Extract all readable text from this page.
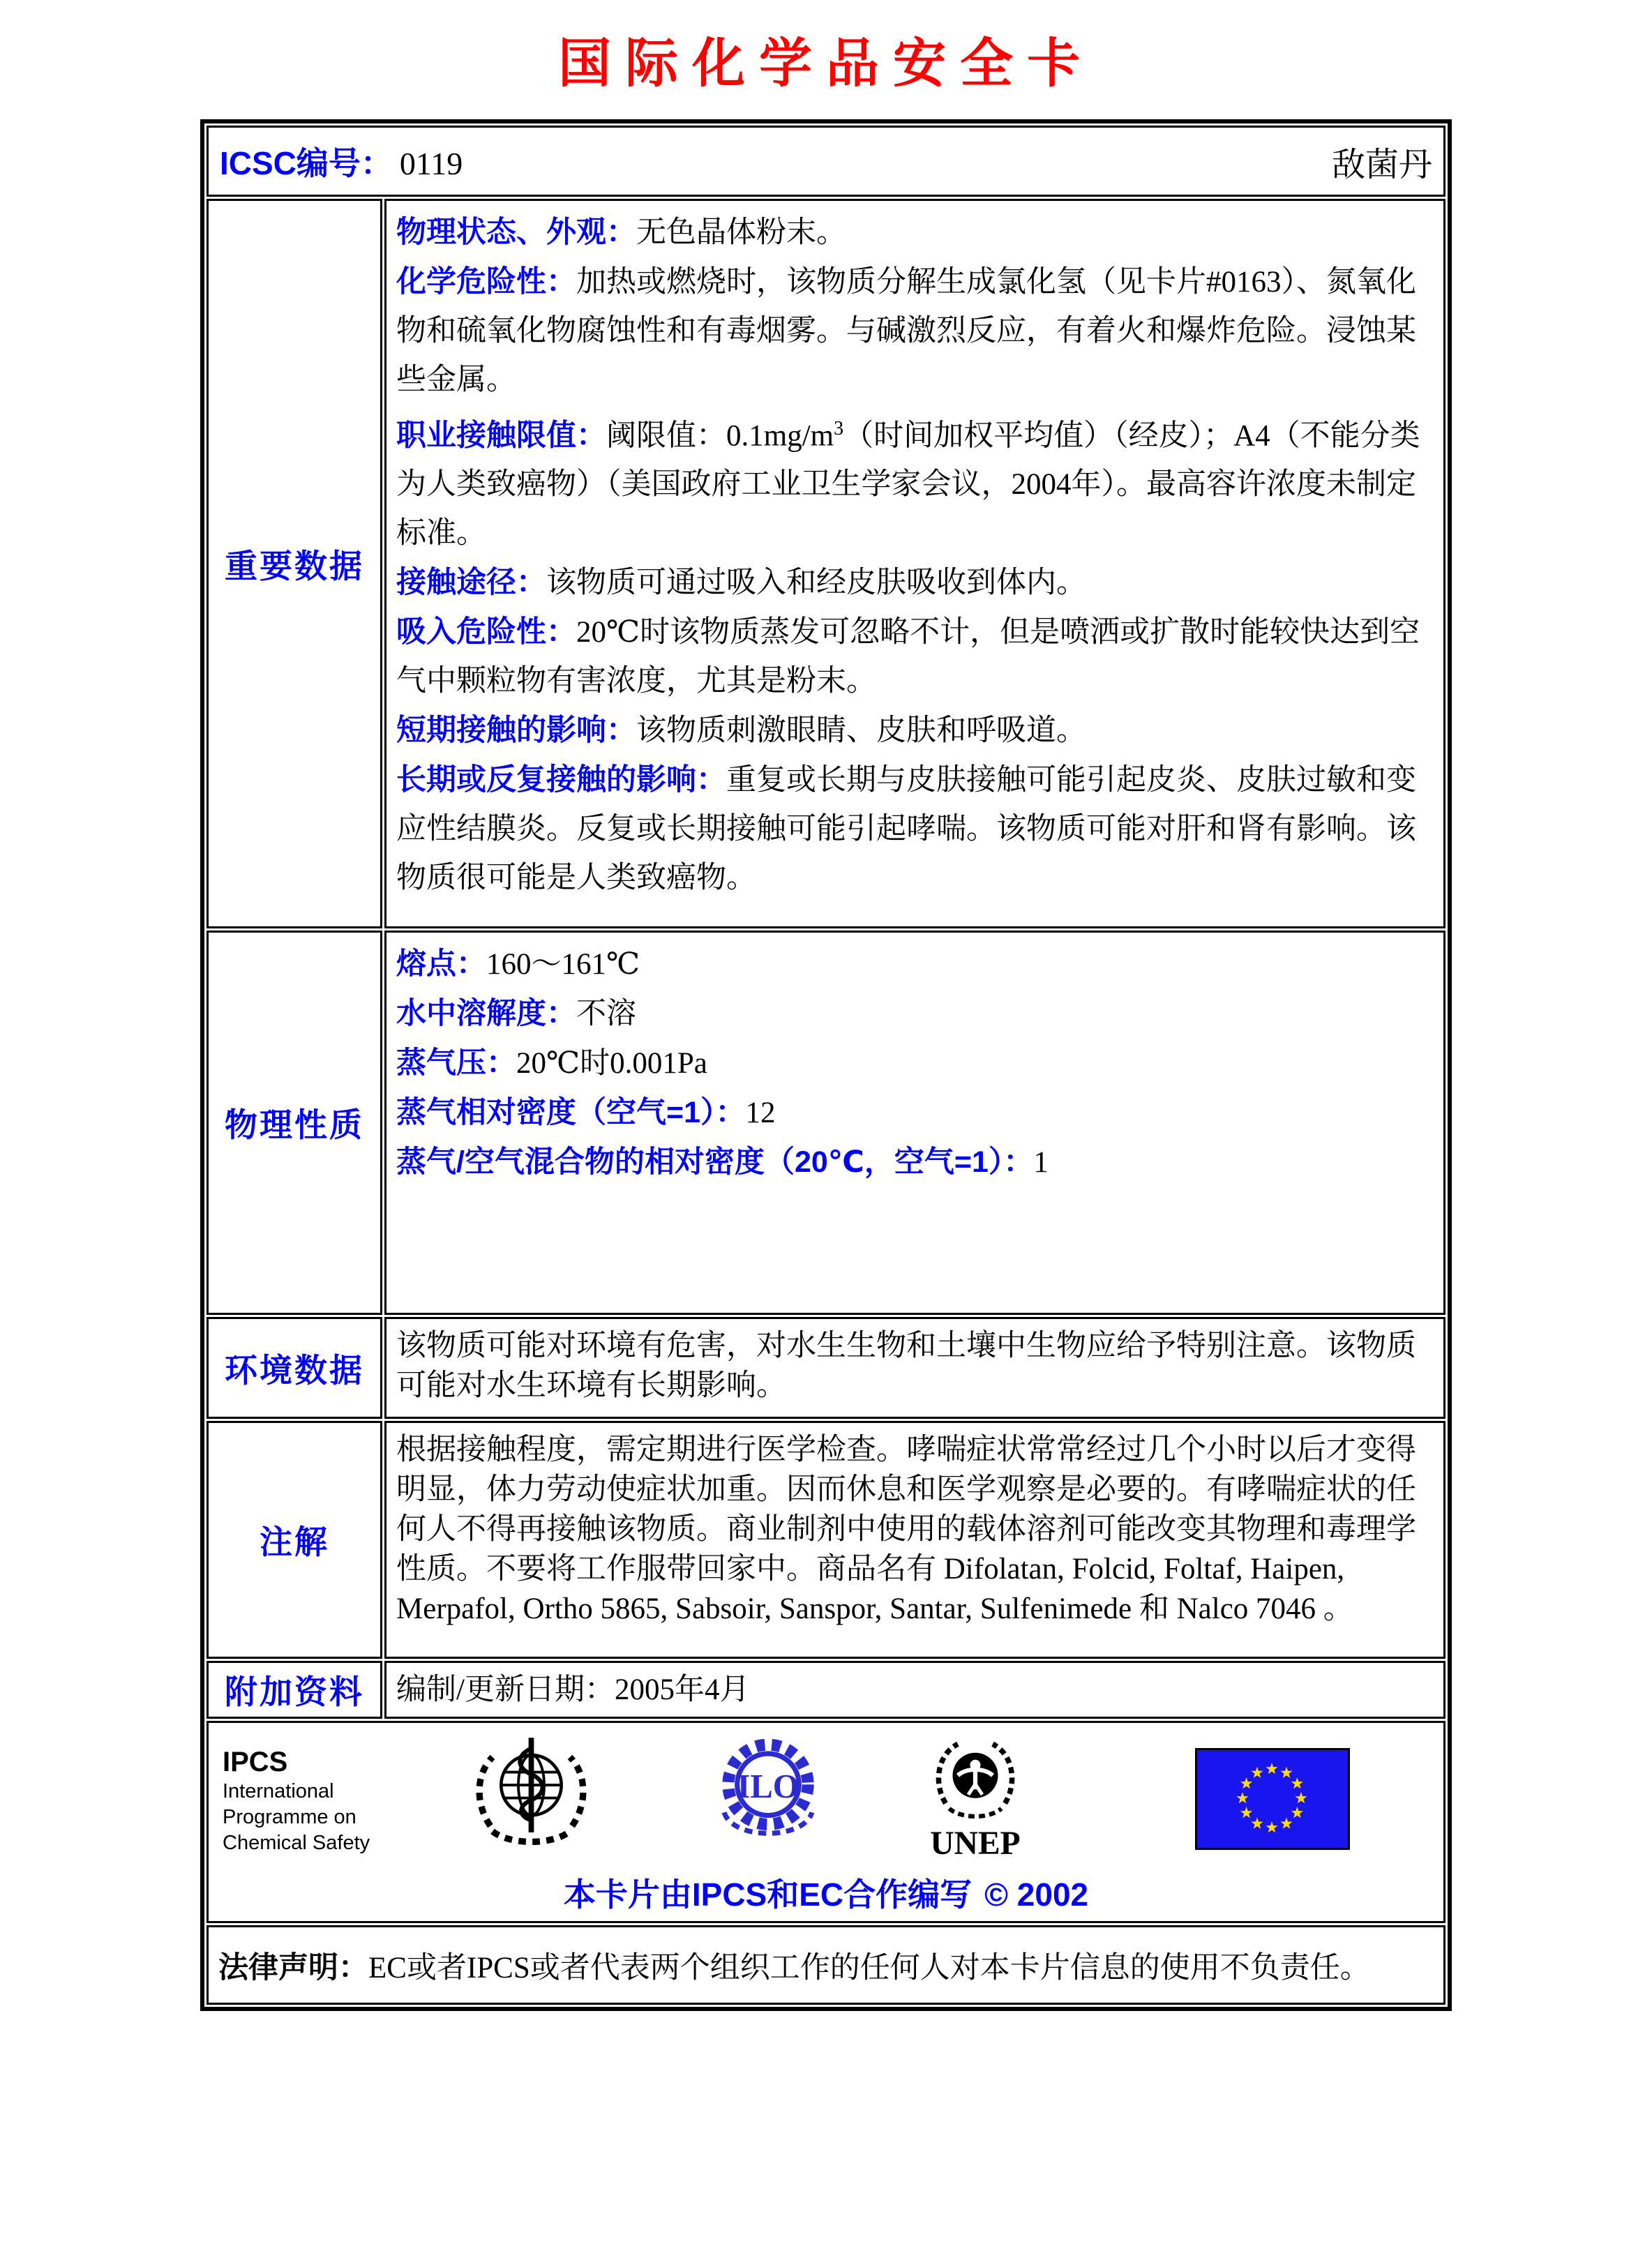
国际化学品安全卡
ICSC编号： 0119 敌菌丹	

重要数据	

物理状态、外观：无色晶体粉末。

化学危险性：加热或燃烧时，该物质分解生成氯化氢（见卡片#0163）、氮氧化物和硫氧化物腐蚀性和有毒烟雾。与碱激烈反应，有着火和爆炸危险。浸蚀某些金属。

职业接触限值：阈限值：$0.1mg/m^3$（时间加权平均值）（经皮）；A4（不能分类为人类致癌物）（美国政府工业卫生学家会议，2004年）。最高容许浓度未制定标准。

接触途径：该物质可通过吸入和经皮肤吸收到体内。

吸入危险性：20℃时该物质蒸发可忽略不计，但是喷洒或扩散时能较快达到空气中颗粒物有害浓度，尤其是粉末。

短期接触的影响：该物质刺激眼睛、皮肤和呼吸道。

长期或反复接触的影响：重复或长期与皮肤接触可能引起皮炎、皮肤过敏和变应性结膜炎。反复或长期接触可能引起哮喘。该物质可能对肝和肾有影响。该物质很可能是人类致癌物。

物理性质	熔点：160～161℃

水中溶解度：不溶

蒸气压：20℃时0.001Pa

蒸气相对密度（空气=1）：12

蒸气/空气混合物的相对密度（20℃，空气=1）：1

环境数据	该物质可能对环境有危害，对水生生物和土壤中生物应给予特别注意。该物质可能对水生环境有长期影响。

注解	根据接触程度，需定期进行医学检查。哮喘症状常常经过几个小时以后才变得明显，体力劳动使症状加重。因而休息和医学观察是必要的。有哮喘症状的任何人不得再接触该物质。商业制剂中使用的载体溶剂可能改变其物理和毒理学性质。不要将工作服带回家中。商品名有 Difolatan, Folcid, Foltaf, Haipen, Merpafol, Ortho 5865, Sabsoir, Sanspor, Santar, Sulfenimede 和 Nalco 7046 。

附加资料	编制/更新日期：2005年4月

IPCS
International
Programme on
Chemical Safety
ILO
UNEP
本卡片由IPCS和EC合作编写 © 2002

法律声明：EC或者IPCS或者代表两个组织工作的任何人对本卡片信息的使用不负责任。	
